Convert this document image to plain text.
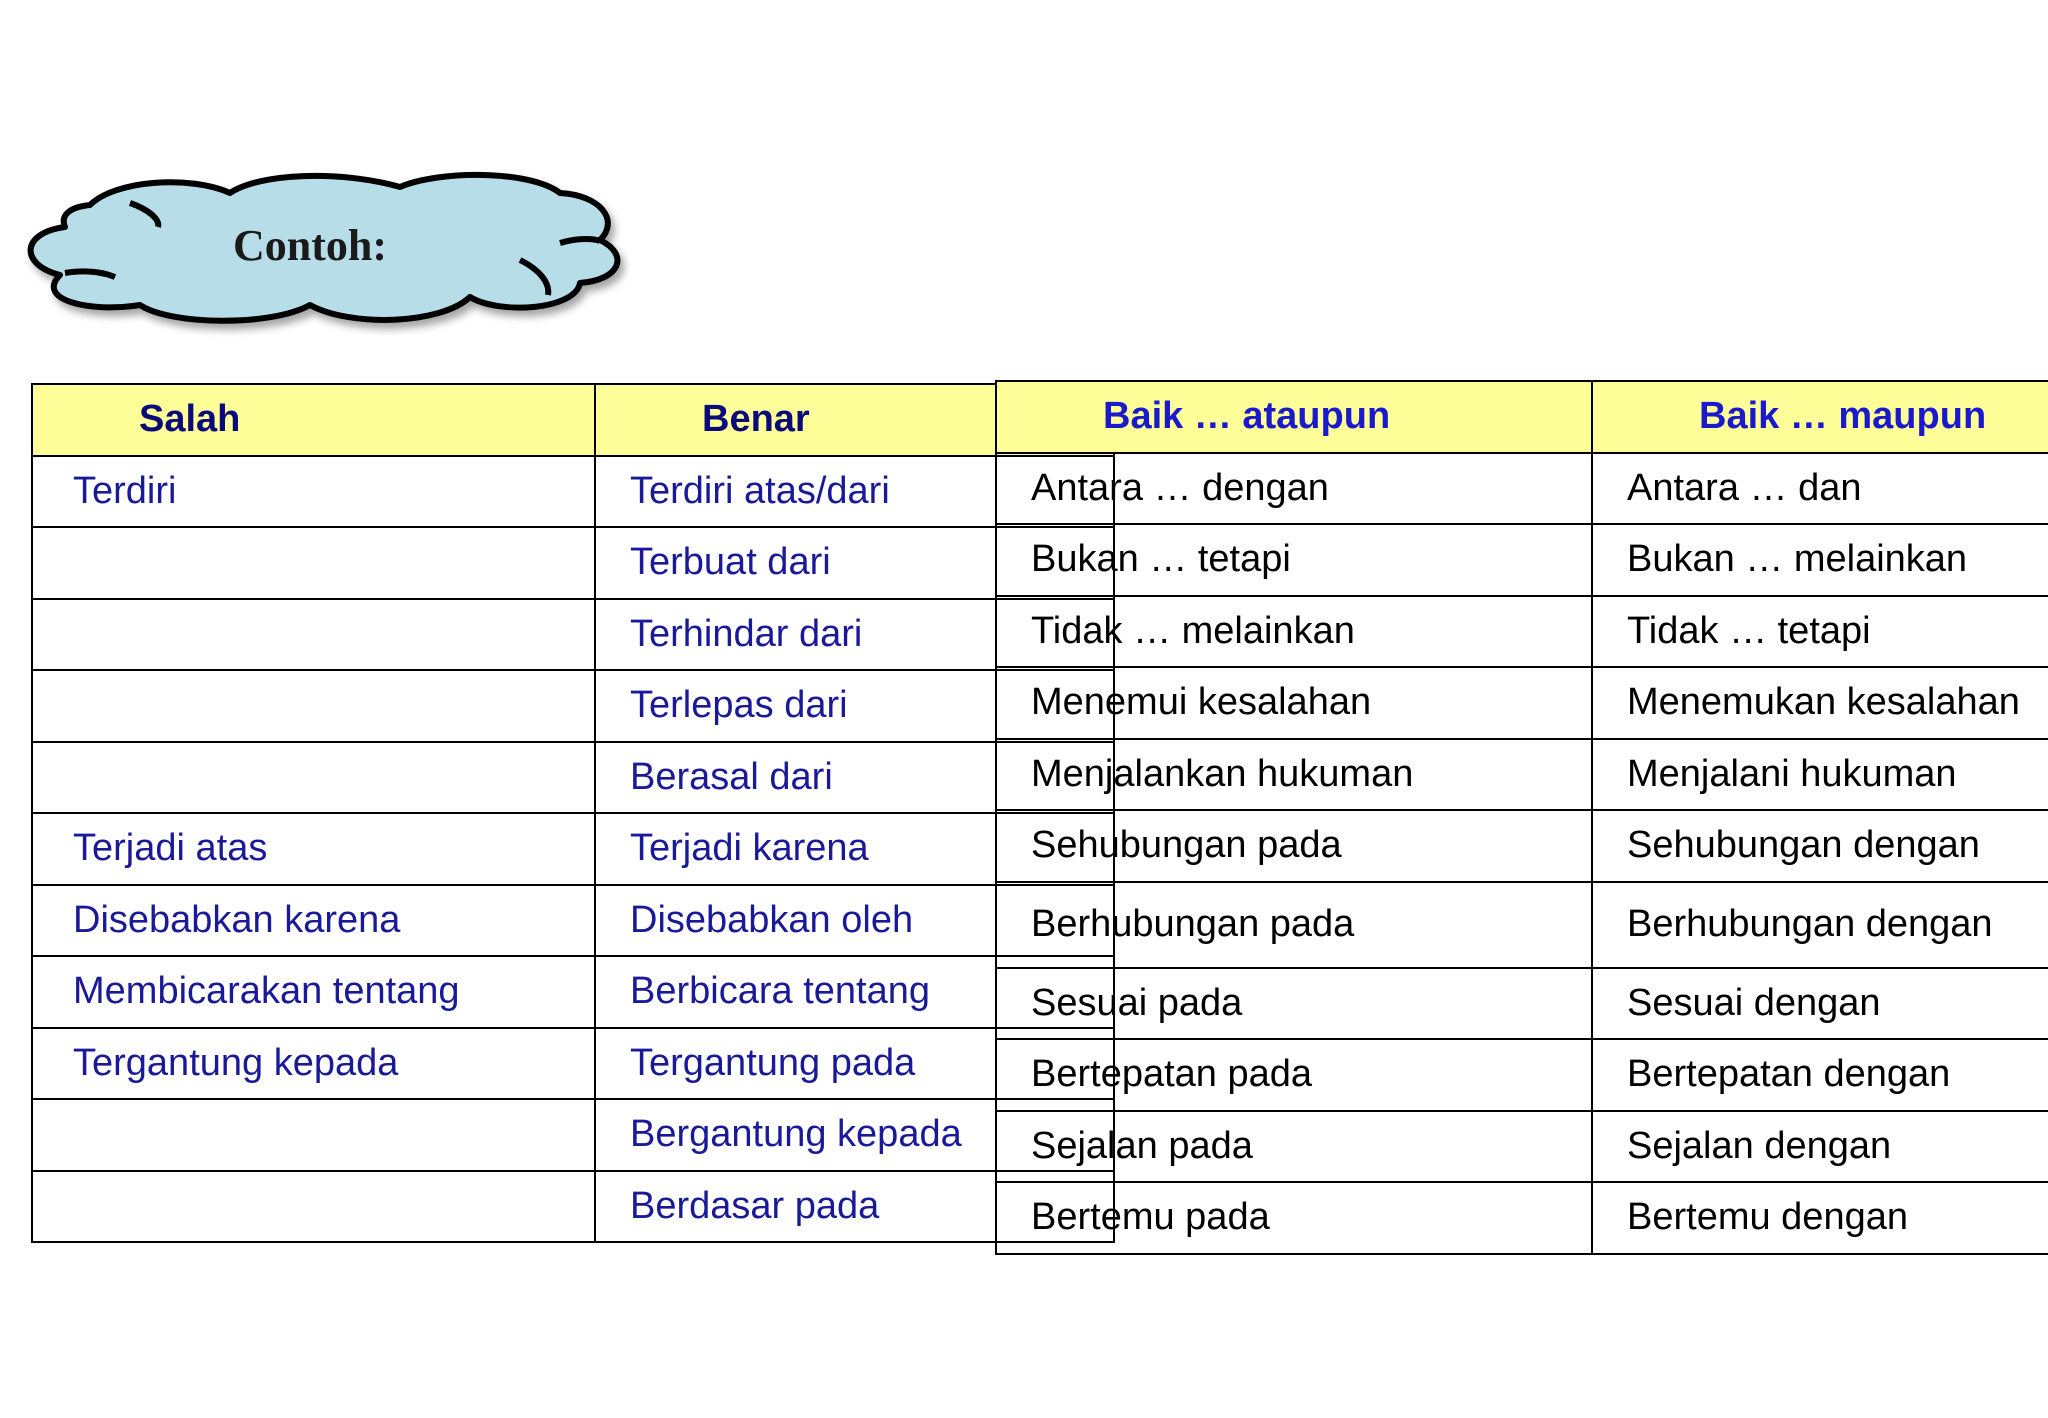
Contoh:
Salah	Benar
Terdiri	Terdiri atas/dari
	Terbuat dari
	Terhindar dari
	Terlepas dari
	Berasal dari
Terjadi atas	Terjadi karena
Disebabkan karena	Disebabkan oleh
Membicarakan tentang	Berbicara tentang
Tergantung kepada	Tergantung pada
	Bergantung kepada
	Berdasar pada
Baik … ataupun	Baik … maupun
Antara … dengan	Antara … dan
Bukan … tetapi	Bukan … melainkan
Tidak … melainkan	Tidak … tetapi
Menemui kesalahan	Menemukan kesalahan
Menjalankan hukuman	Menjalani hukuman
Sehubungan pada	Sehubungan dengan
Berhubungan pada	Berhubungan dengan
Sesuai pada	Sesuai dengan
Bertepatan pada	Bertepatan dengan
Sejalan pada	Sejalan dengan
Bertemu pada	Bertemu dengan
